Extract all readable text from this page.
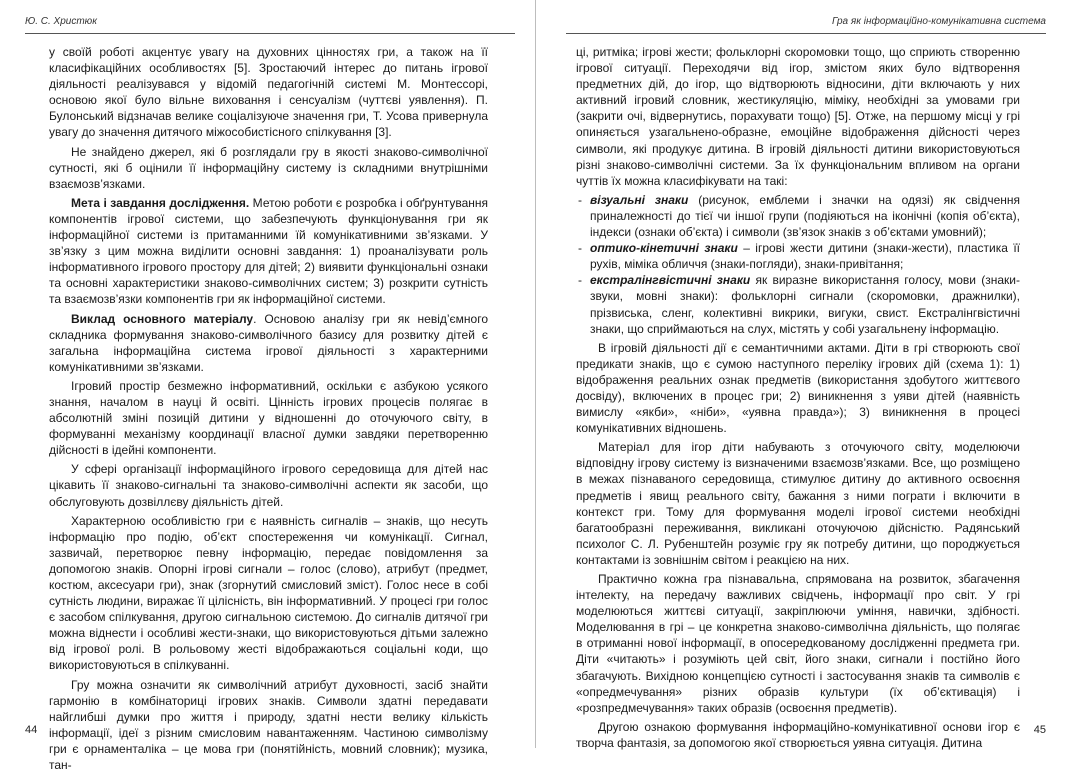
Ю. С. Христюк

у своїй роботі акцентує увагу на духовних цінностях гри, а також на її класифікаційних особливостях [5]. Зростаючий інтерес до питань ігрової діяльності реалізувався у відомій педагогічній системі М. Монтессорі, основою якої було вільне виховання і сенсуалізм (чуттєві уявлення). П. Булонський відзначав велике соціалізуюче значення гри, Т. Усова привернула увагу до значення дитячого міжособистісного спілкування [3].

Не знайдено джерел, які б розглядали гру в якості знаково-символічної сутності, які б оцінили її інформаційну систему із складними внутрішніми взаємозв’язками.

Мета і завдання дослідження. Метою роботи є розробка і обґрунтування компонентів ігрової системи, що забезпечують функціонування гри як інформаційної системи із притаманними їй комунікативними зв’язками. У зв’язку з цим можна виділити основні завдання: 1) проаналізувати роль інформативного ігрового простору для дітей; 2) виявити функціональні ознаки та основні характеристики знаково-символічних систем; 3) розкрити сутність та взаємозв’язки компонентів гри як інформаційної системи.

Виклад основного матеріалу. Основою аналізу гри як невід’ємного складника формування знаково-символічного базису для розвитку дітей є загальна інформаційна система ігрової діяльності з характерними комунікативними зв’язками.

Ігровий простір безмежно інформативний, оскільки є азбукою усякого знання, началом в науці й освіті. Цінність ігрових процесів полягає в абсолютній зміні позицій дитини у відношенні до оточуючого світу, в формуванні механізму координації власної думки завдяки перетворенню дійсності в ідейні компоненти.

У сфері організації інформаційного ігрового середовища для дітей нас цікавить її знаково-сигнальні та знаково-символічні аспекти як засоби, що обслуговують дозвіллєву діяльність дітей.

Характерною особливістю гри є наявність сигналів – знаків, що несуть інформацію про подію, об’єкт спостереження чи комунікації. Сигнал, зазвичай, перетворює певну інформацію, передає повідомлення за допомогою знаків. Опорні ігрові сигнали – голос (слово), атрибут (предмет, костюм, аксесуари гри), знак (згорнутий смисловий зміст). Голос несе в собі сутність людини, виражає її цілісність, він інформативний. У процесі гри голос є засобом спілкування, другою сигнальною системою. До сигналів дитячої гри можна віднести і особливі жести-знаки, що використовуються дітьми залежно від ігрової ролі. В рольовому жесті відображаються соціальні коди, що використовуються в спілкуванні.

Гру можна означити як символічний атрибут духовності, засіб знайти гармонію в комбінаториці ігрових знаків. Символи здатні передавати найглибші думки про життя і природу, здатні нести велику кількість інформації, ідеї з різним смисловим навантаженням. Частиною символізму гри є орнаменталіка – це мова гри (понятійність, мовний словник); музика, тан-

44
Гра як інформаційно-комунікативна система

ці, ритміка; ігрові жести; фольклорні скоромовки тощо, що сприють створенню ігрової ситуації. Переходячи від ігор, змістом яких було відтворення предметних дій, до ігор, що відтворюють відносини, діти включають у них активний ігровий словник, жестикуляцію, міміку, необхідні за умовами гри (закрити очі, відвернутись, порахувати тощо) [5]. Отже, на першому місці у грі опиняється узагальнено-образне, емоційне відображення дійсності через символи, які продукує дитина. В ігровій діяльності дитини використовуються різні знаково-символічні системи. За їх функціональним впливом на органи чуттів їх можна класифікувати на такі:

- візуальні знаки (рисунок, емблеми і значки на одязі) як свідчення приналежності до тієї чи іншої групи (подіяються на іконічні (копія об’єкта), індекси (ознаки об’єкта) і символи (зв’язок знаків з об’єктами умовний);
- оптико-кінетичні знаки – ігрові жести дитини (знаки-жести), пластика її рухів, міміка обличчя (знаки-погляди), знаки-привітання;
- екстралінгвістичні знаки як виразне використання голосу, мови (знаки-звуки, мовні знаки): фольклорні сигнали (скоромовки, дражнилки), прізвиська, сленг, колективні викрики, вигуки, свист. Екстралінгвістичні знаки, що сприймаються на слух, містять у собі узагальнену інформацію.

В ігровій діяльності дії є семантичними актами. Діти в грі створюють свої предикати знаків, що є сумою наступного переліку ігрових дій (схема 1): 1) відображення реальних ознак предметів (використання здобутого життєвого досвіду), включених в процес гри; 2) виникнення з уяви дітей (наявність вимислу «якби», «ніби», «уявна правда»); 3) виникнення в процесі комунікативних відношень.

Матеріал для ігор діти набувають з оточуючого світу, моделюючи відповідну ігрову систему із визначеними взаємозв’язками. Все, що розміщено в межах пізнаваного середовища, стимулює дитину до активного освоєння предметів і явищ реального світу, бажання з ними пограти і включити в контекст гри. Тому для формування моделі ігрової системи необхідні багатообразні переживання, викликані оточуючою дійсністю. Радянський психолог С. Л. Рубенштейн розуміє гру як потребу дитини, що породжується контактами із зовнішнім світом і реакцією на них.

Практично кожна гра пізнавальна, спрямована на розвиток, збагачення інтелекту, на передачу важливих свідчень, інформації про світ. У грі моделюються життєві ситуації, закріплюючи уміння, навички, здібності. Моделювання в грі – це конкретна знаково-символічна діяльність, що полягає в отриманні нової інформації, в опосередкованому дослідженні предмета гри. Діти «читають» і розуміють цей світ, його знаки, сигнали і постійно його збагачують. Вихідною концепцією сутності і застосування знаків та символів є «опредмечування» різних образів культури (їх об’єктивація) і «розпредмечування» таких образів (освоєння предметів).

Другою ознакою формування інформаційно-комунікативної основи ігор є творча фантазія, за допомогою якої створюється уявна ситуація. Дитина

45
